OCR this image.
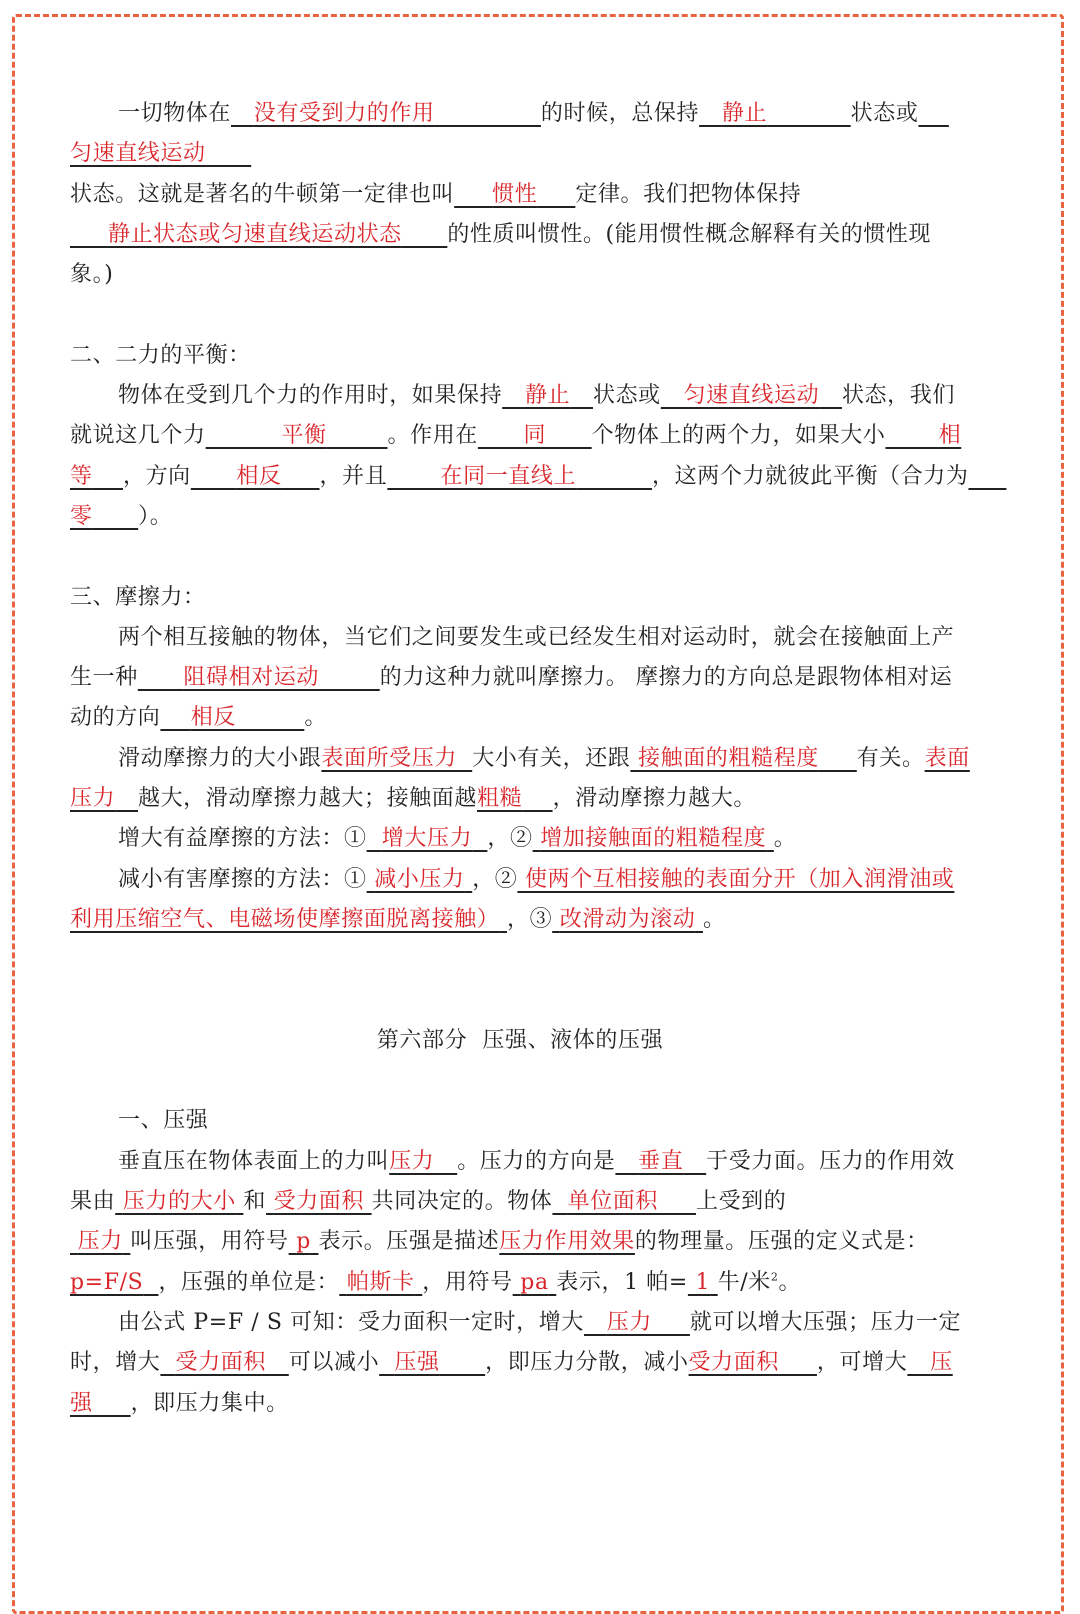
一切物体在 没有受到力的作用	的时候，总保持 静止	状态或    匀速直线运动
状态。这就是著名的牛顿第一定律也叫 惯性 定律。我们把物体保持
静止状态或匀速直线运动状态 的性质叫惯性。(能用惯性概念解释有关的惯性现象。)

二、二力的平衡：

物体在受到几个力的作用时，如果保持 静止 状态或 匀速直线运动 状态，我们就说这几个力	平衡	。作用在 同 个物体上的两个力，如果大小 相等 ，方向 相反 ，并且 在同一直线上	，这两个力就彼此平衡（合力为     零 ）。

三、摩擦力：

两个相互接触的物体，当它们之间要发生或已经发生相对运动时，就会在接触面上产生一种 阻碍相对运动	的力这种力就叫摩擦力。 摩擦力的方向总是跟物体相对运动的方向 相反	。

滑动摩擦力的大小跟表面所受压力 大小有关，还跟 接触面的粗糙程度 有关。表面压力 越大，滑动摩擦力越大；接触面越粗糙 ，滑动摩擦力越大。

增大有益摩擦的方法：① 增大压力 ，② 增加接触面的粗糙程度 。

减小有害摩擦的方法：① 减小压力 ，② 使两个互相接触的表面分开（加入润滑油或利用压缩空气、电磁场使摩擦面脱离接触） ，③ 改滑动为滚动 。

第六部分  压强、液体的压强

一、压强

垂直压在物体表面上的力叫压力 。压力的方向是 垂直 于受力面。压力的作用效果由 压力的大小 和 受力面积 共同决定的。物体 单位面积 上受到的
压力 叫压强，用符号 p 表示。压强是描述压力作用效果的物理量。压强的定义式是：
p=F/S ，压强的单位是： 帕斯卡 ，用符号 pa 表示，1 帕= 1 牛/米$^2$。

由公式 P=F / S 可知：受力面积一定时，增大 压力 就可以增大压强；压力一定时，增大 受力面积 可以减小 压强 ，即压力分散，减小受力面积 ，可增大 压强 ，即压力集中。
